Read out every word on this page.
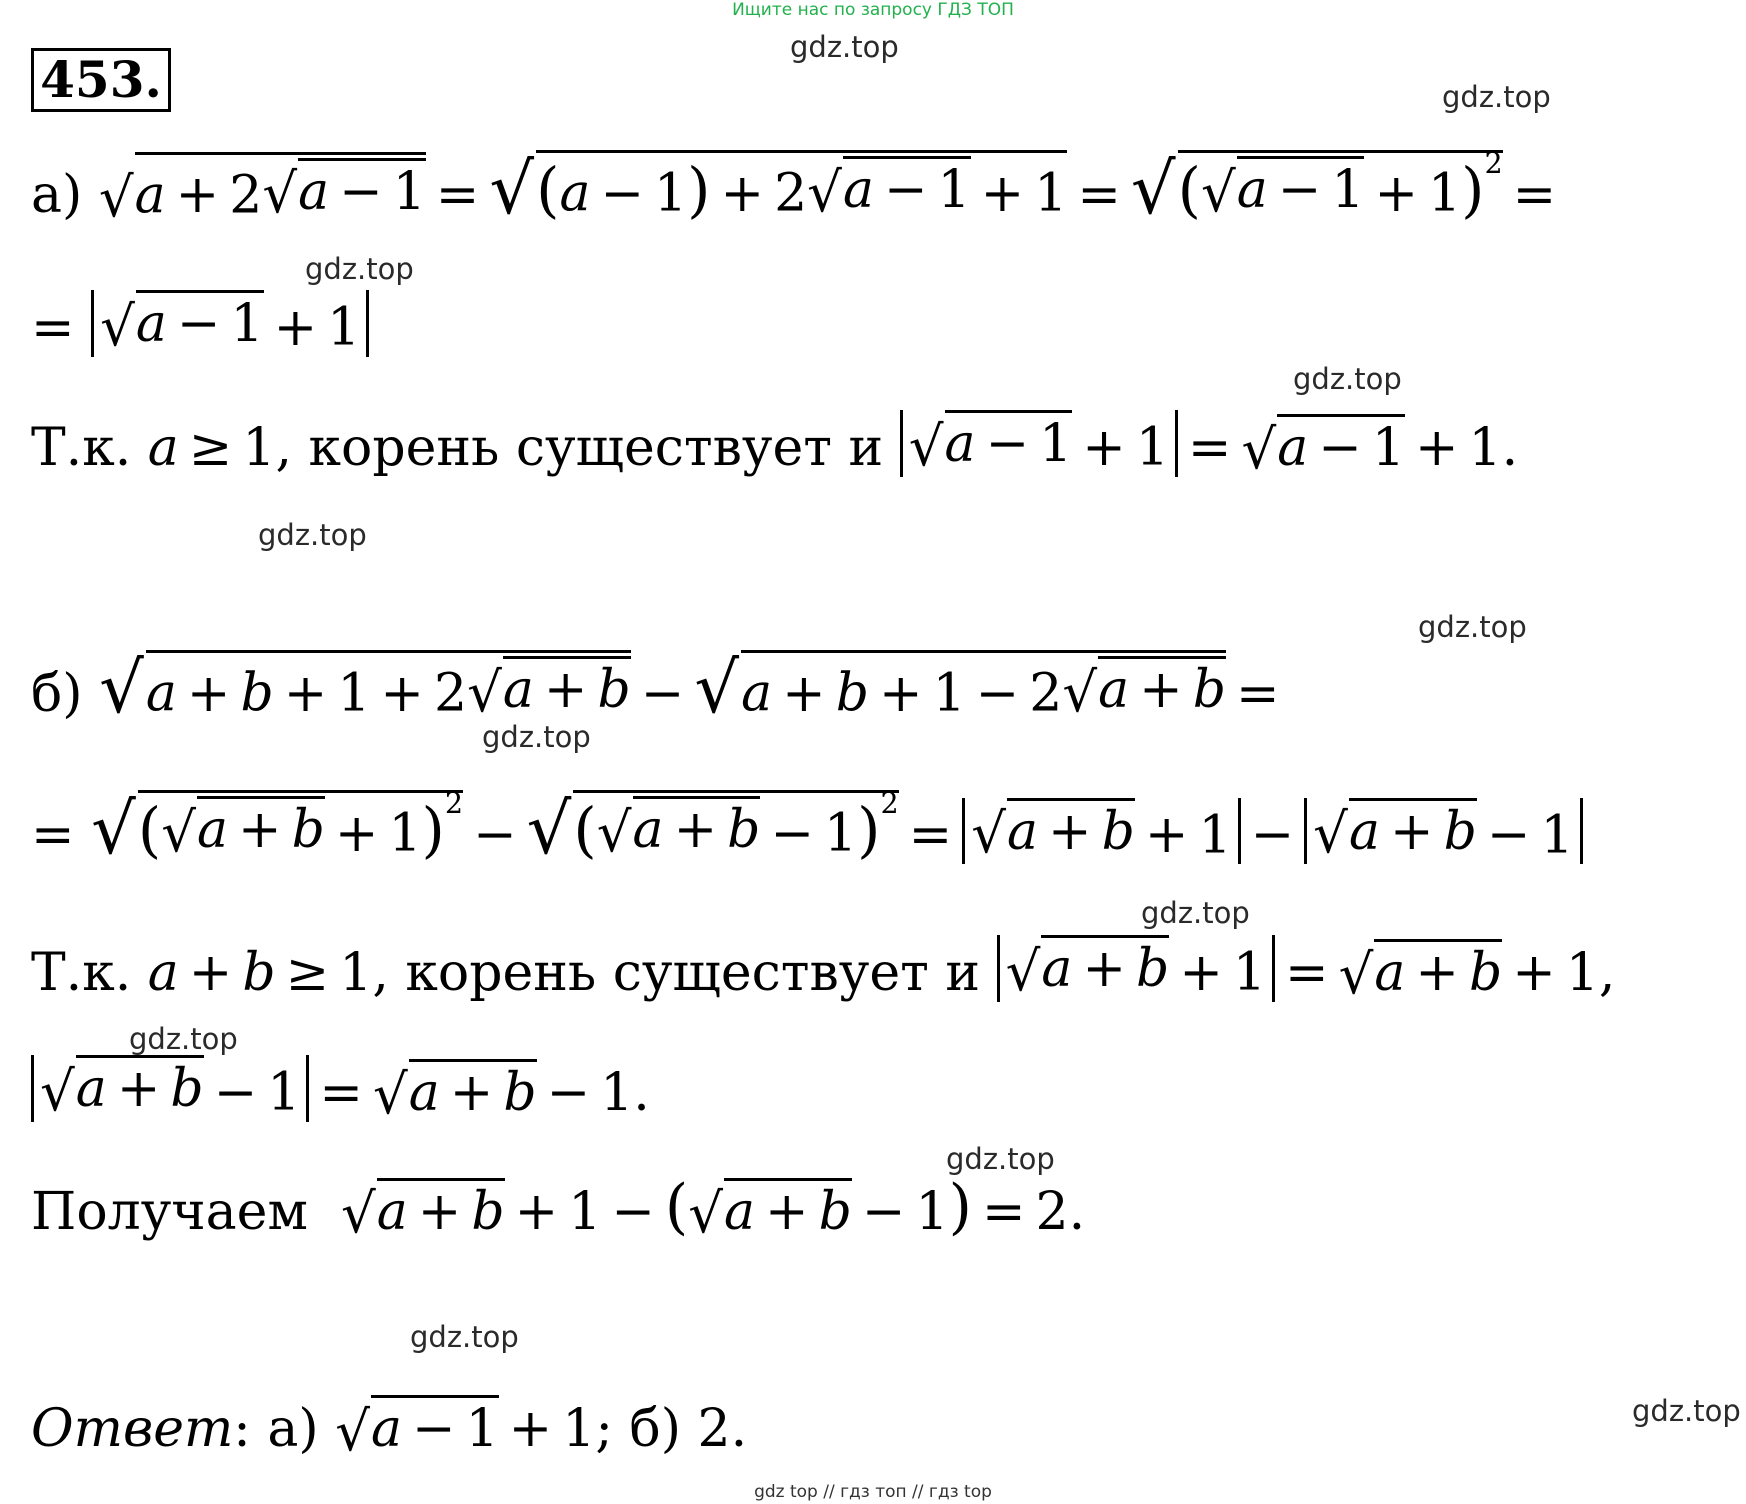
Ищите нас по запросу ГДЗ ТОП
gdz.top
gdz.top
gdz.top
gdz.top
gdz.top
gdz.top
gdz.top
gdz.top
gdz.top
gdz.top
gdz.top
gdz.top
453.
а)
√ a + 2 √ a − 1 = √ (a − 1) + 2 √ a − 1 + 1 = √ ( √ a − 1 + 1)$^2$
=
=
√ a − 1 + 1
Т.к.
a ≥ 1 , корень существует и
√ a − 1 + 1 = √ a − 1 + 1 .
б)
√ a + b + 1 + 2 √ a + b − √ a + b + 1 − 2 √ a + b =
=
√ ( √ a + b + 1)$^2$
− √ ( √ a + b − 1)$^2$
= √ a + b + 1 − √ a + b − 1
Т.к.
a + b ≥ 1 , корень существует и
√ a + b + 1 = √ a + b + 1 ,
√ a + b − 1 = √ a + b − 1 .
Получаем
√ a + b + 1 − ( √ a + b − 1 ) = 2 .
Ответ :
а)
√ a − 1 + 1 ;
б)
2 .
gdz top // гдз топ // гдз top
